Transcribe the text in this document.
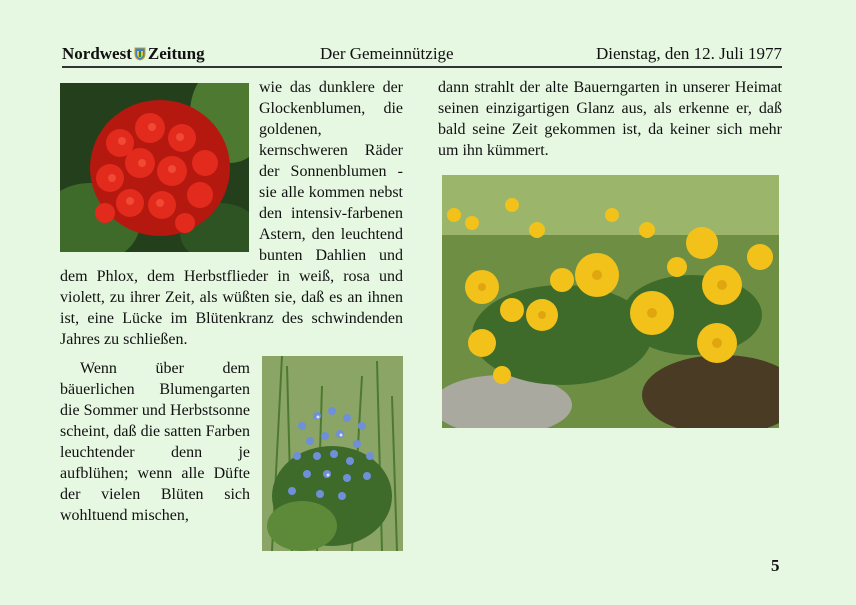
Nordwest Zeitung	Der Gemeinnützige	Dienstag, den 12. Juli 1977

wie das dunklere der Glockenblumen, die goldenen, kernschweren Räder der Sonnenblumen - sie alle kommen nebst den intensiv-farbenen Astern, den leuchtend bunten Dahlien und dem Phlox, dem Herbstflieder in weiß, rosa und violett, zu ihrer Zeit, als wüßten sie, daß es an ihnen ist, eine Lücke im Blütenkranz des schwindenden Jahres zu schließen.

Wenn über dem bäuerlichen Blumengarten die Sommer und Herbstsonne scheint, daß die satten Farben leuchtender denn je aufblühen; wenn alle Düfte der vielen Blüten sich wohltuend mischen,

dann strahlt der alte Bauerngarten in unserer Heimat seinen einzigartigen Glanz aus, als erkenne er, daß bald seine Zeit gekommen ist, da keiner sich mehr um ihn kümmert.

5
